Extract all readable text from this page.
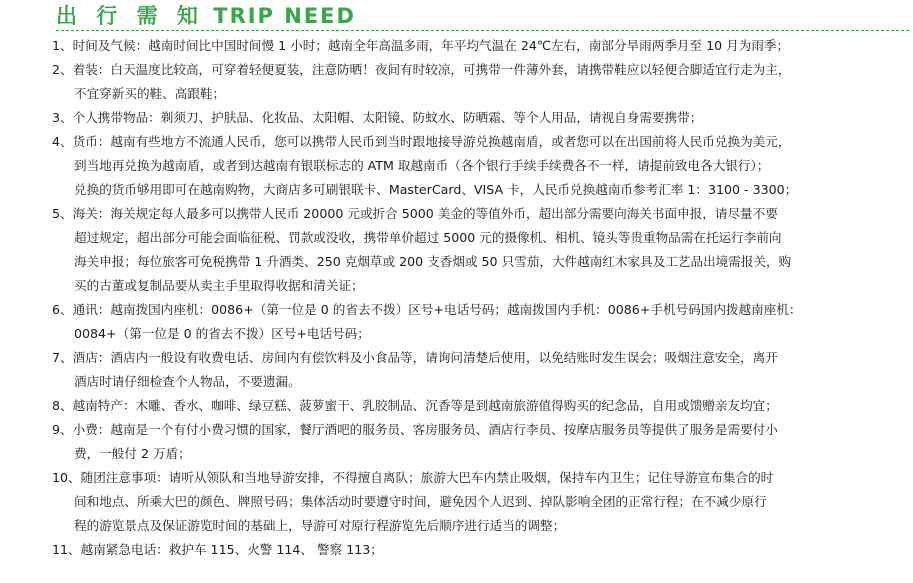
出 行 需 知 TRIP NEED
1、时间及气候：越南时间比中国时间慢 1 小时；越南全年高温多雨，年平均气温在 24℃左右，南部分旱雨两季月至 10 月为雨季；
2、着装：白天温度比较高，可穿着轻便夏装，注意防晒！夜间有时较凉，可携带一件薄外套，请携带鞋应以轻便合脚适宜行走为主，
不宜穿新买的鞋、高跟鞋；
3、个人携带物品：剃须刀、护肤品、化妆品、太阳帽、太阳镜、防蚊水、防晒霜、等个人用品，请视自身需要携带；
4、货币：越南有些地方不流通人民币，您可以携带人民币到当时跟地接导游兑换越南盾，或者您可以在出国前将人民币兑换为美元，
到当地再兑换为越南盾，或者到达越南有银联标志的 ATM 取越南币（各个银行手续手续费各不一样，请提前致电各大银行）；
兑换的货币够用即可在越南购物，大商店多可刷银联卡、MasterCard、VISA 卡，人民币兑换越南币参考汇率 1：3100 - 3300；
5、海关：海关规定每人最多可以携带人民币 20000 元或折合 5000 美金的等值外币，超出部分需要向海关书面申报，请尽量不要
超过规定，超出部分可能会面临征税、罚款或没收，携带单价超过 5000 元的摄像机、相机、镜头等贵重物品需在托运行李前向
海关申报；每位旅客可免税携带 1 升酒类、250 克烟草或 200 支香烟或 50 只雪茄，大件越南红木家具及工艺品出境需报关，购
买的古董或复制品要从卖主手里取得收据和清关证；
6、通讯：越南拨国内座机：0086+（第一位是 0 的省去不拨）区号+电话号码；越南拨国内手机：0086+手机号码国内拨越南座机：
0084+（第一位是 0 的省去不拨）区号+电话号码；
7、酒店：酒店内一般设有收费电话、房间内有偿饮料及小食品等，请询问清楚后使用，以免结账时发生误会；吸烟注意安全，离开
酒店时请仔细检查个人物品，不要遗漏。
8、越南特产：木雕、香水、咖啡、绿豆糕、菠萝蜜干、乳胶制品、沉香等是到越南旅游值得购买的纪念品，自用或馈赠亲友均宜；
9、小费：越南是一个有付小费习惯的国家，餐厅酒吧的服务员、客房服务员、酒店行李员、按摩店服务员等提供了服务是需要付小
费，一般付 2 万盾；
10、随团注意事项：请听从领队和当地导游安排，不得擅自离队；旅游大巴车内禁止吸烟，保持车内卫生；记住导游宣布集合的时
间和地点、所乘大巴的颜色、牌照号码；集体活动时要遵守时间，避免因个人迟到、掉队影响全团的正常行程；在不减少原行
程的游览景点及保证游览时间的基础上，导游可对原行程游览先后顺序进行适当的调整；
11、越南紧急电话：救护车 115、火警 114、 警察 113；
